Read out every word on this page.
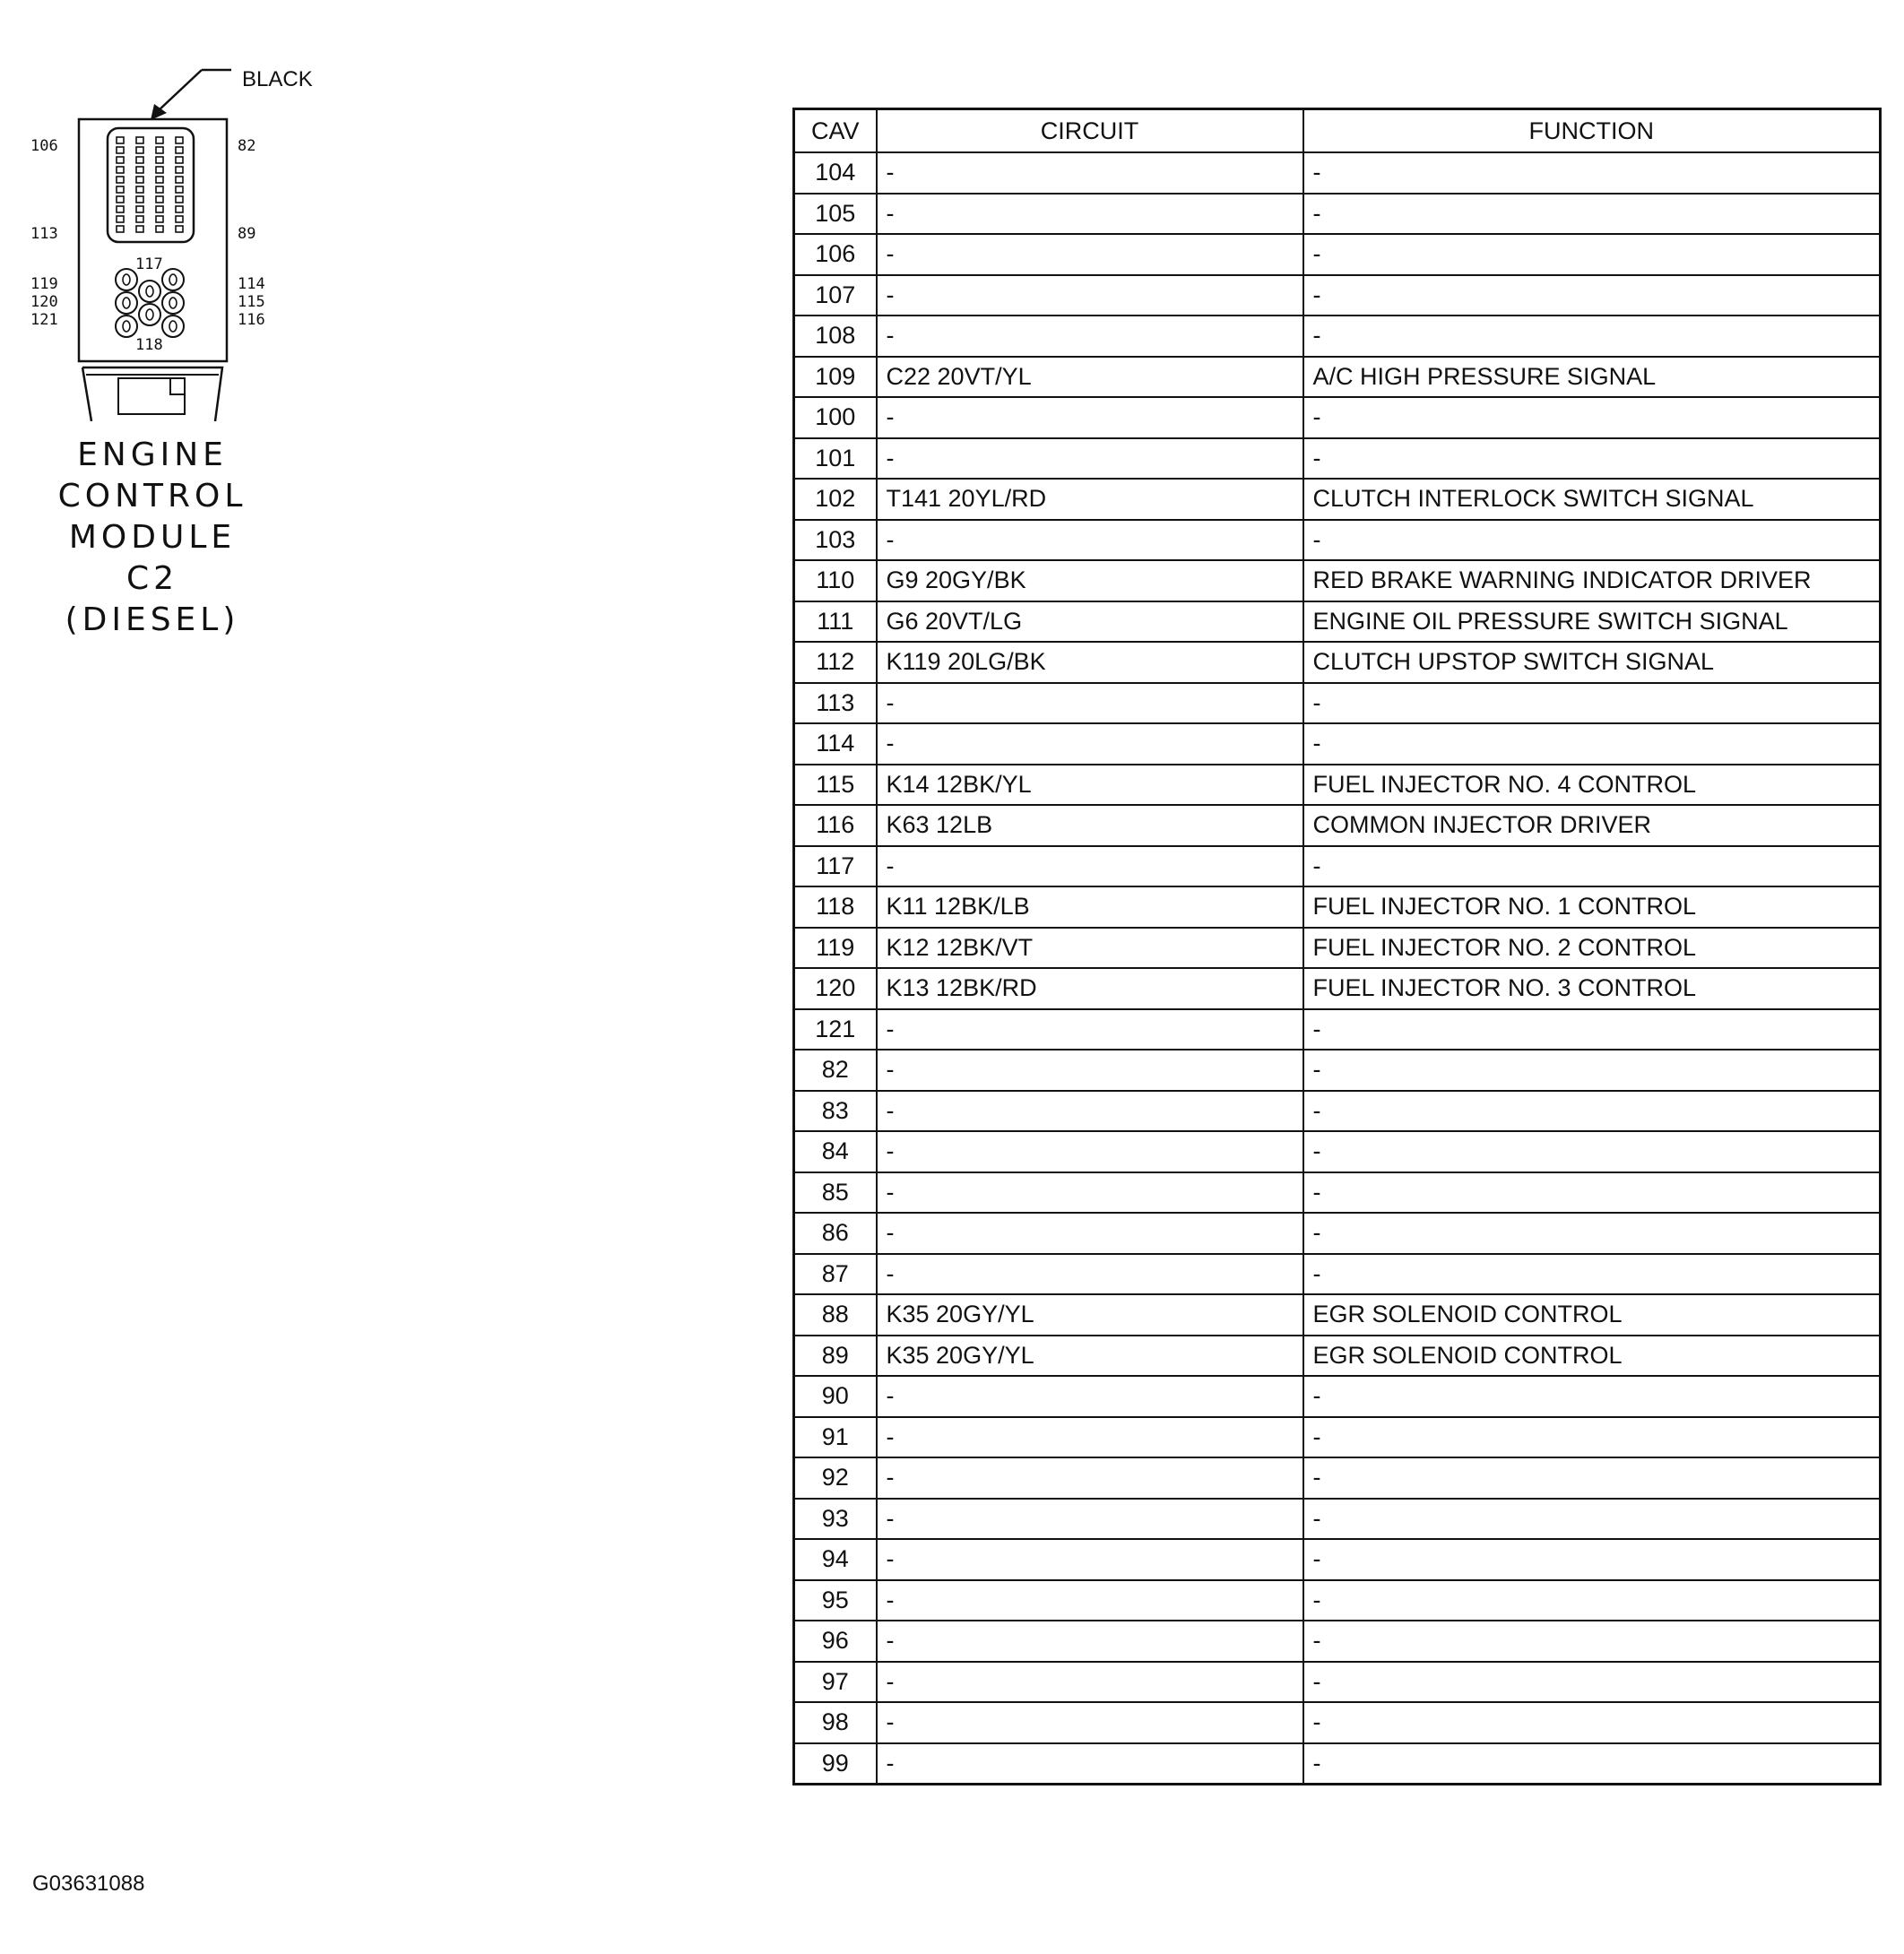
BLACK
106	82
113	89
117
118
119
120
121
114
115
116
ENGINE
CONTROL
MODULE
C2
(DIESEL)
CAV	CIRCUIT	FUNCTION
104	-	-
105	-	-
106	-	-
107	-	-
108	-	-
109	C22 20VT/YL	A/C HIGH PRESSURE SIGNAL
100	-	-
101	-	-
102	T141 20YL/RD	CLUTCH INTERLOCK SWITCH SIGNAL
103	-	-
110	G9 20GY/BK	RED BRAKE WARNING INDICATOR DRIVER
111	G6 20VT/LG	ENGINE OIL PRESSURE SWITCH SIGNAL
112	K119 20LG/BK	CLUTCH UPSTOP SWITCH SIGNAL
113	-	-
114	-	-
115	K14 12BK/YL	FUEL INJECTOR NO. 4 CONTROL
116	K63 12LB	COMMON INJECTOR DRIVER
117	-	-
118	K11 12BK/LB	FUEL INJECTOR NO. 1 CONTROL
119	K12 12BK/VT	FUEL INJECTOR NO. 2 CONTROL
120	K13 12BK/RD	FUEL INJECTOR NO. 3 CONTROL
121	-	-
82	-	-
83	-	-
84	-	-
85	-	-
86	-	-
87	-	-
88	K35 20GY/YL	EGR SOLENOID CONTROL
89	K35 20GY/YL	EGR SOLENOID CONTROL
90	-	-
91	-	-
92	-	-
93	-	-
94	-	-
95	-	-
96	-	-
97	-	-
98	-	-
99	-	-
G03631088
